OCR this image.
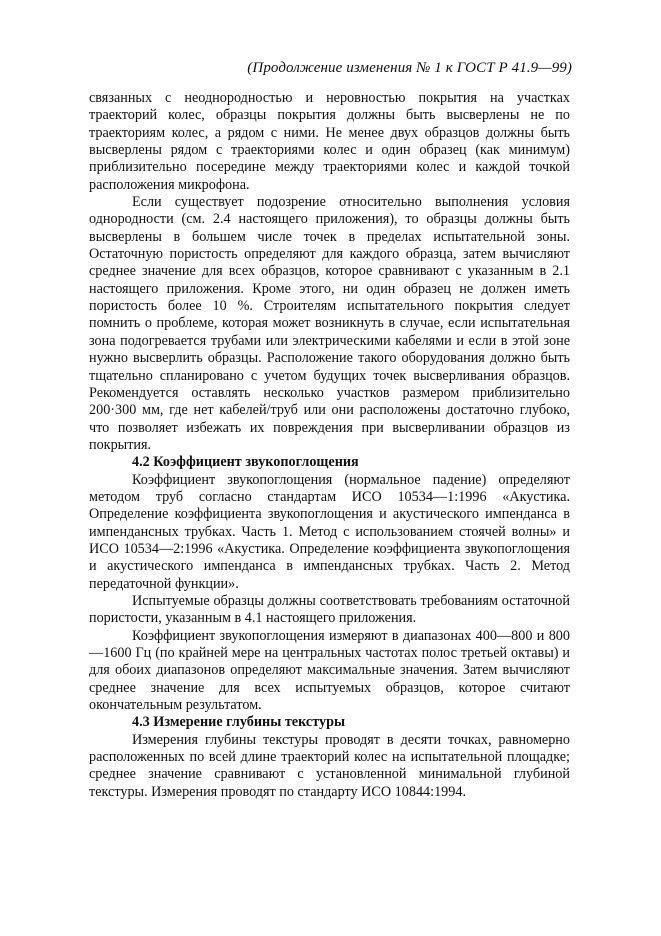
(Продолжение изменения № 1 к ГОСТ Р 41.9—99)

связанных с неоднородностью и неровностью покрытия на участках траекторий колес, образцы покрытия должны быть высверлены не по траекториям колес, а рядом с ними. Не менее двух образцов должны быть высверлены рядом с траекториями колес и один образец (как минимум) приблизительно посередине между траекториями колес и каждой точкой расположения микрофона.

Если существует подозрение относительно выполнения условия однородности (см. 2.4 настоящего приложения), то образцы должны быть высверлены в большем числе точек в пределах испытательной зоны. Остаточную пористость определяют для каждого образца, затем вычисляют среднее значение для всех образцов, которое сравнивают с указанным в 2.1 настоящего приложения. Кроме этого, ни один образец не должен иметь пористость более 10 %. Строителям испытательного покрытия следует помнить о проблеме, которая может возникнуть в случае, если испытательная зона подогревается трубами или электрическими кабелями и если в этой зоне нужно высверлить образцы. Расположение такого оборудования должно быть тщательно спланировано с учетом будущих точек высверливания образцов. Рекомендуется оставлять несколько участков размером приблизительно 200·300 мм, где нет кабелей/труб или они расположены достаточно глубоко, что позволяет избежать их повреждения при высверливании образцов из покрытия.

4.2 Коэффициент звукопоглощения

Коэффициент звукопоглощения (нормальное падение) определяют методом труб согласно стандартам ИСО 10534—1:1996 «Акустика. Определение коэффициента звукопоглощения и акустического импенданса в импендансных трубках. Часть 1. Метод с использованием стоячей волны» и ИСО 10534—2:1996 «Акустика. Определение коэффициента звукопоглощения и акустического импенданса в импендансных трубках. Часть 2. Метод передаточной функции».

Испытуемые образцы должны соответствовать требованиям остаточной пористости, указанным в 4.1 настоящего приложения.

Коэффициент звукопоглощения измеряют в диапазонах 400—800 и 800—1600 Гц (по крайней мере на центральных частотах полос третьей октавы) и для обоих диапазонов определяют максимальные значения. Затем вычисляют среднее значение для всех испытуемых образцов, которое считают окончательным результатом.

4.3 Измерение глубины текстуры

Измерения глубины текстуры проводят в десяти точках, равномерно расположенных по всей длине траекторий колес на испытательной площадке; среднее значение сравнивают с установленной минимальной глубиной текстуры. Измерения проводят по стандарту ИСО 10844:1994.
